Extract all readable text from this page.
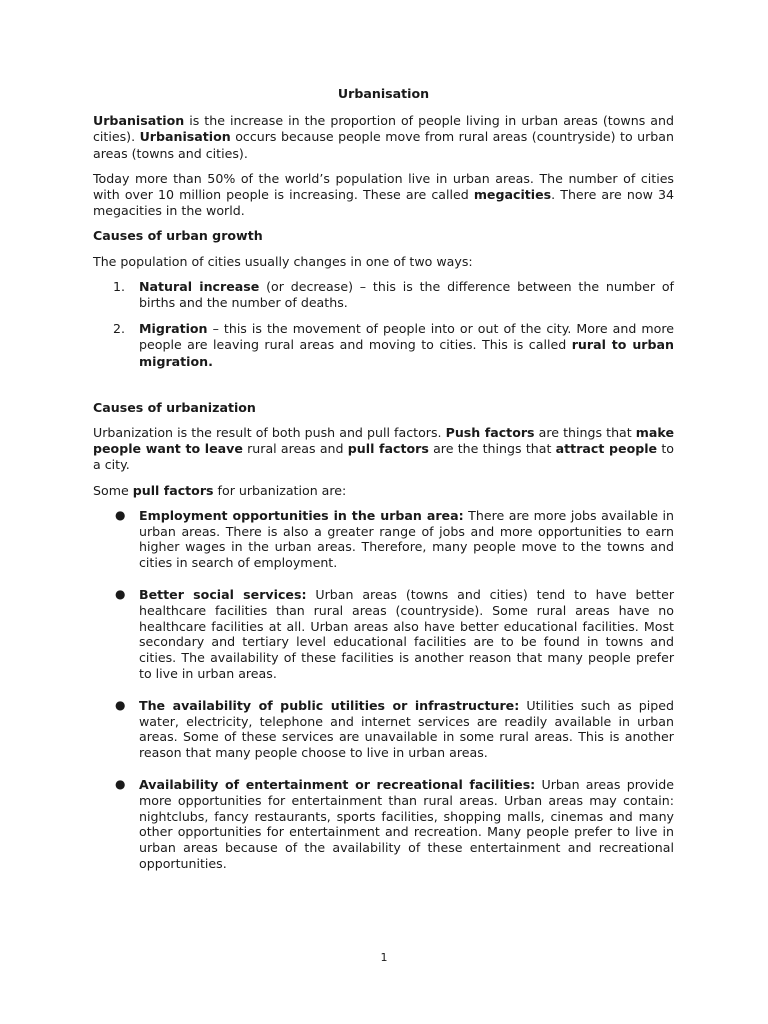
Urbanisation

Urbanisation is the increase in the proportion of people living in urban areas (towns and cities). Urbanisation occurs because people move from rural areas (countryside) to urban areas (towns and cities).

Today more than 50% of the world’s population live in urban areas. The number of cities with over 10 million people is increasing. These are called megacities. There are now 34 megacities in the world.

Causes of urban growth

The population of cities usually changes in one of two ways:

1. Natural increase (or decrease) – this is the difference between the number of births and the number of deaths.
2. Migration – this is the movement of people into or out of the city. More and more people are leaving rural areas and moving to cities. This is called rural to urban migration.

Causes of urbanization

Urbanization is the result of both push and pull factors. Push factors are things that make people want to leave rural areas and pull factors are the things that attract people to a city.

Some pull factors for urbanization are:

● Employment opportunities in the urban area: There are more jobs available in urban areas. There is also a greater range of jobs and more opportunities to earn higher wages in the urban areas. Therefore, many people move to the towns and cities in search of employment.
● Better social services: Urban areas (towns and cities) tend to have better healthcare facilities than rural areas (countryside). Some rural areas have no healthcare facilities at all. Urban areas also have better educational facilities. Most secondary and tertiary level educational facilities are to be found in towns and cities. The availability of these facilities is another reason that many people prefer to live in urban areas.
● The availability of public utilities or infrastructure: Utilities such as piped water, electricity, telephone and internet services are readily available in urban areas. Some of these services are unavailable in some rural areas. This is another reason that many people choose to live in urban areas.
● Availability of entertainment or recreational facilities: Urban areas provide more opportunities for entertainment than rural areas. Urban areas may contain: nightclubs, fancy restaurants, sports facilities, shopping malls, cinemas and many other opportunities for entertainment and recreation. Many people prefer to live in urban areas because of the availability of these entertainment and recreational opportunities.
1
